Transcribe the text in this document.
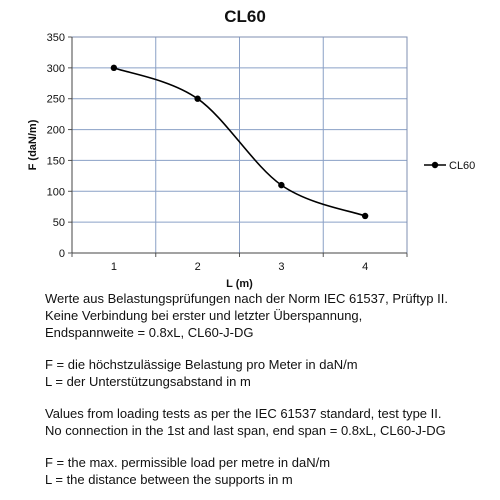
CL60
0
50
100
150
200
250
300
350
1	2	3	4
L (m)
F (daN/m)	CL60

Werte aus Belastungsprüfungen nach der Norm IEC 61537, Prüftyp II.

Keine Verbindung bei erster und letzter Überspannung,

Endspannweite = 0.8xL, CL60-J-DG

F = die höchstzulässige Belastung pro Meter in daN/m

L = der Unterstützungsabstand in m

Values from loading tests as per the IEC 61537 standard, test type II.

No connection in the 1st and last span, end span = 0.8xL, CL60-J-DG

F = the max. permissible load per metre in daN/m

L = the distance between the supports in m
